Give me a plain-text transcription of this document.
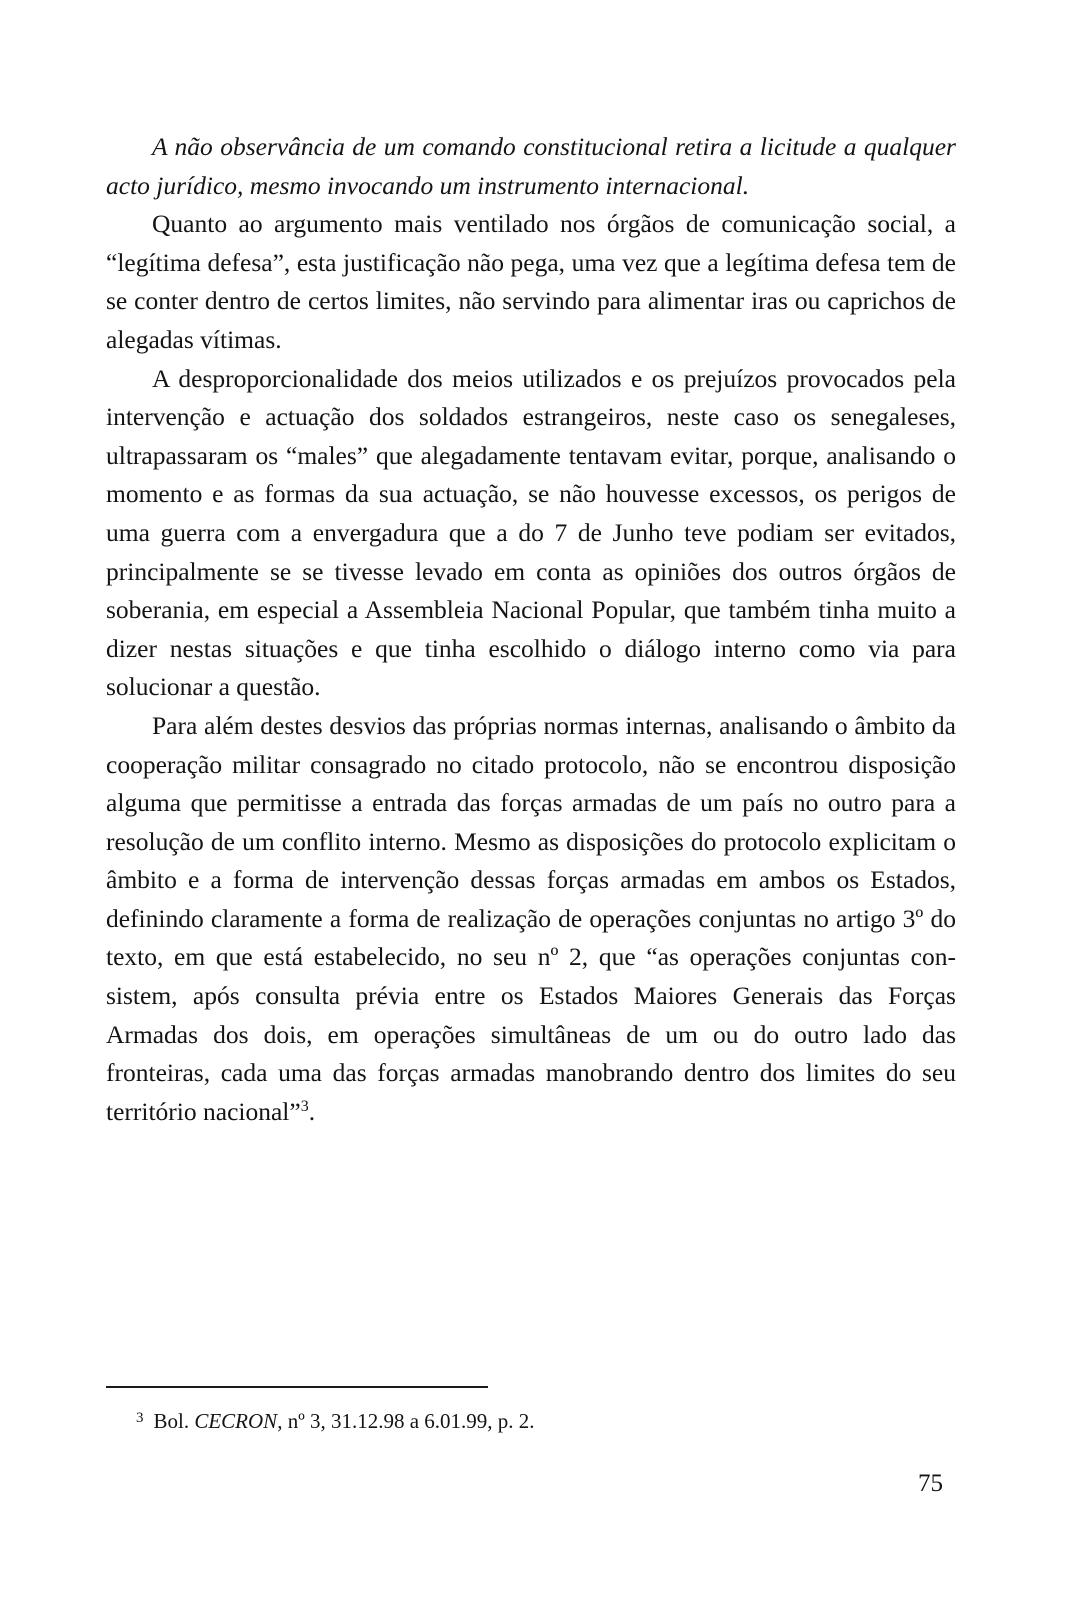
A não observância de um comando constitucional retira a licitude a qualquer acto jurídico, mesmo invocando um instrumento internacional.

Quanto ao argumento mais ventilado nos órgãos de comunicação social, a “legítima defesa”, esta justificação não pega, uma vez que a legítima defesa tem de se conter dentro de certos limites, não servindo para alimentar iras ou caprichos de alegadas vítimas.

A desproporcionalidade dos meios utilizados e os prejuízos provocados pela intervenção e actuação dos soldados estrangeiros, neste caso os senegaleses, ultrapassaram os “males” que alegadamente tentavam evitar, porque, analisando o momento e as formas da sua actuação, se não houvesse excessos, os perigos de uma guerra com a envergadura que a do 7 de Junho teve podiam ser evitados, principalmente se se tivesse levado em conta as opiniões dos outros órgãos de soberania, em especial a Assembleia Nacional Popular, que também tinha muito a dizer nestas situações e que tinha escolhido o diálogo interno como via para solucionar a questão.

Para além destes desvios das próprias normas internas, analisando o âmbito da cooperação militar consagrado no citado protocolo, não se encontrou disposição alguma que permitisse a entrada das forças armadas de um país no outro para a resolução de um conflito interno. Mesmo as disposições do protocolo explicitam o âmbito e a forma de intervenção dessas forças armadas em ambos os Estados, definindo claramente a forma de realização de operações conjuntas no artigo 3º do texto, em que está estabelecido, no seu nº 2, que “as operações conjuntas consistem, após consulta prévia entre os Estados Maiores Generais das Forças Armadas dos dois, em operações simultâneas de um ou do outro lado das fronteiras, cada uma das forças armadas manobrando dentro dos limites do seu território nacional”$^3$.

$^3$ Bol. CECRON, nº 3, 31.12.98 a 6.01.99, p. 2.
75
